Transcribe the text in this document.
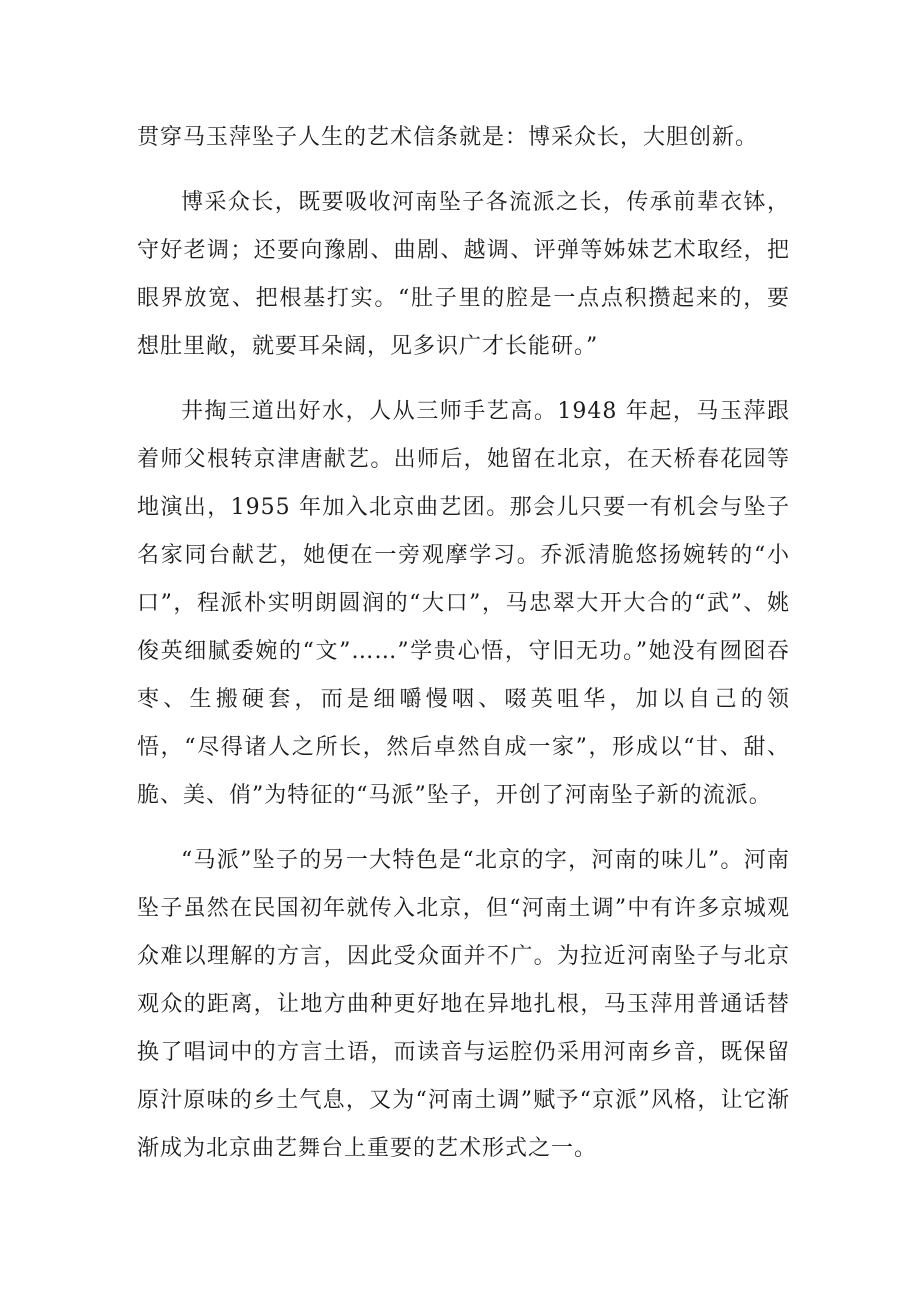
贯穿马玉萍坠子人生的艺术信条就是：博采众长，大胆创新。

博采众长，既要吸收河南坠子各流派之长，传承前辈衣钵，守好老调；还要向豫剧、曲剧、越调、评弹等姊妹艺术取经，把眼界放宽、把根基打实。“肚子里的腔是一点点积攒起来的，要想肚里敞，就要耳朵阔，见多识广才长能研。”

井掏三道出好水，人从三师手艺高。1948 年起，马玉萍跟着师父根转京津唐献艺。出师后，她留在北京，在天桥春花园等地演出，1955 年加入北京曲艺团。那会儿只要一有机会与坠子名家同台献艺，她便在一旁观摩学习。乔派清脆悠扬婉转的“小口”，程派朴实明朗圆润的“大口”，马忠翠大开大合的“武”、姚俊英细腻委婉的“文”……”学贵心悟，守旧无功。”她没有囫囵吞枣、生搬硬套，而是细嚼慢咽、啜英咀华，加以自己的领悟，“尽得诸人之所长，然后卓然自成一家”，形成以“甘、甜、脆、美、俏”为特征的“马派”坠子，开创了河南坠子新的流派。

“马派”坠子的另一大特色是“北京的字，河南的味儿”。河南坠子虽然在民国初年就传入北京，但“河南土调”中有许多京城观众难以理解的方言，因此受众面并不广。为拉近河南坠子与北京观众的距离，让地方曲种更好地在异地扎根，马玉萍用普通话替换了唱词中的方言土语，而读音与运腔仍采用河南乡音，既保留原汁原味的乡土气息，又为“河南土调”赋予“京派”风格，让它渐渐成为北京曲艺舞台上重要的艺术形式之一。
